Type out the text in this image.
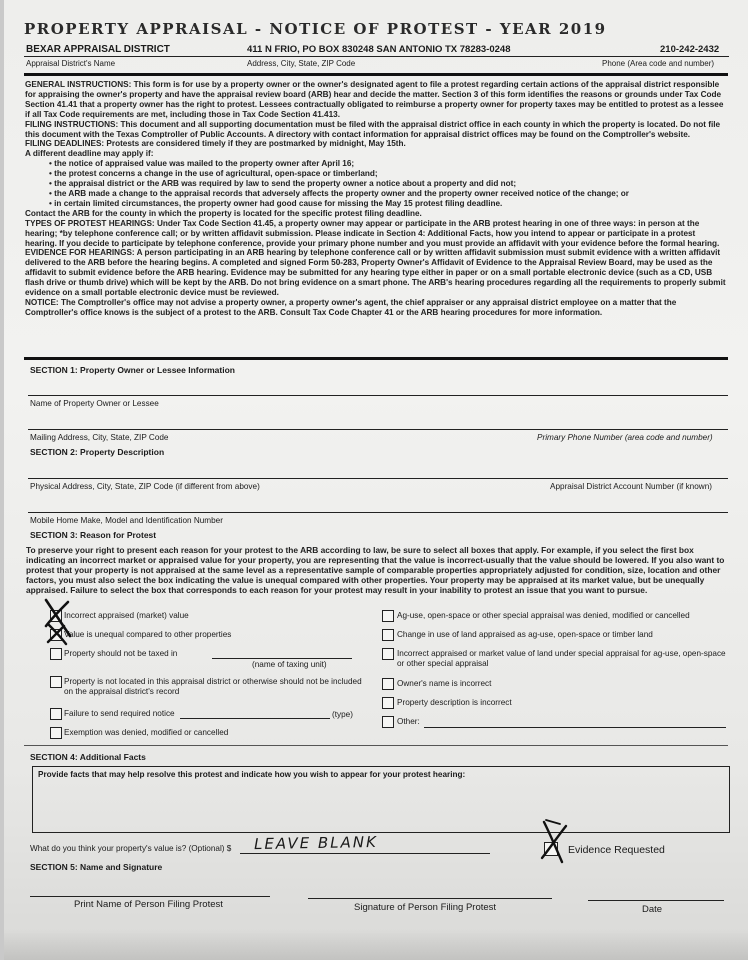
PROPERTY APPRAISAL - NOTICE OF PROTEST - YEAR 2019
BEXAR APPRAISAL DISTRICT	411 N FRIO, PO BOX 830248 SAN ANTONIO TX 78283-0248	210-242-2432
Appraisal District's Name	Address, City, State, ZIP Code	Phone (Area code and number)

GENERAL INSTRUCTIONS: This form is for use by a property owner or the owner's designated agent to file a protest regarding certain actions of the appraisal district responsible for appraising the owner's property and have the appraisal review board (ARB) hear and decide the matter. Section 3 of this form identifies the reasons or grounds under Tax Code Section 41.41 that a property owner has the right to protest. Lessees contractually obligated to reimburse a property owner for property taxes may be entitled to protest as a lessee if all Tax Code requirements are met, including those in Tax Code Section 41.413.

FILING INSTRUCTIONS: This document and all supporting documentation must be filed with the appraisal district office in each county in which the property is located. Do not file this document with the Texas Comptroller of Public Accounts. A directory with contact information for appraisal district offices may be found on the Comptroller's website.

FILING DEADLINES: Protests are considered timely if they are postmarked by midnight, May 15th.

A different deadline may apply if:

• the notice of appraised value was mailed to the property owner after April 16;
• the protest concerns a change in the use of agricultural, open-space or timberland;
• the appraisal district or the ARB was required by law to send the property owner a notice about a property and did not;
• the ARB made a change to the appraisal records that adversely affects the property owner and the property owner received notice of the change; or
• in certain limited circumstances, the property owner had good cause for missing the May 15 protest filing deadline.

Contact the ARB for the county in which the property is located for the specific protest filing deadline.

TYPES OF PROTEST HEARINGS: Under Tax Code Section 41.45, a property owner may appear or participate in the ARB protest hearing in one of three ways: in person at the hearing; *by telephone conference call; or by written affidavit submission. Please indicate in Section 4: Additional Facts, how you intend to appear or participate in a protest hearing. If you decide to participate by telephone conference, provide your primary phone number and you must provide an affidavit with your evidence before the formal hearing.

EVIDENCE FOR HEARINGS: A person participating in an ARB hearing by telephone conference call or by written affidavit submission must submit evidence with a written affidavit delivered to the ARB before the hearing begins. A completed and signed Form 50-283, Property Owner's Affidavit of Evidence to the Appraisal Review Board, may be used as the affidavit to submit evidence before the ARB hearing. Evidence may be submitted for any hearing type either in paper or on a small portable electronic device (such as a CD, USB flash drive or thumb drive) which will be kept by the ARB. Do not bring evidence on a smart phone. The ARB's hearing procedures regarding all the requirements to properly submit evidence on a small portable electronic device must be reviewed.

NOTICE: The Comptroller's office may not advise a property owner, a property owner's agent, the chief appraiser or any appraisal district employee on a matter that the Comptroller's office knows is the subject of a protest to the ARB. Consult Tax Code Chapter 41 or the ARB hearing procedures for more information.

SECTION 1: Property Owner or Lessee Information
Name of Property Owner or Lessee
Mailing Address, City, State, ZIP Code	Primary Phone Number (area code and number)
SECTION 2: Property Description
Physical Address, City, State, ZIP Code (if different from above)	Appraisal District Account Number (if known)
Mobile Home Make, Model and Identification Number
SECTION 3: Reason for Protest
To preserve your right to present each reason for your protest to the ARB according to law, be sure to select all boxes that apply. For example, if you select the first box indicating an incorrect market or appraised value for your property, you are representing that the value is incorrect-usually that the value should be lowered. If you also want to protest that your property is not appraised at the same level as a representative sample of comparable properties appropriately adjusted for condition, size, location and other factors, you must also select the box indicating the value is unequal compared with other properties. Your property may be appraised at its market value, but be unequally appraised. Failure to select the box that corresponds to each reason for your protest may result in your inability to protest an issue that you want to pursue.
Incorrect appraised (market) value
Value is unequal compared to other properties
Property should not be taxed in
(name of taxing unit)
Property is not located in this appraisal district or otherwise should not be included on the appraisal district's record
Failure to send required notice	(type)
Exemption was denied, modified or cancelled
Ag-use, open-space or other special appraisal was denied, modified or cancelled
Change in use of land appraised as ag-use, open-space or timber land
Incorrect appraised or market value of land under special appraisal for ag-use, open-space or other special appraisal
Owner's name is incorrect
Property description is incorrect
Other:
SECTION 4: Additional Facts
Provide facts that may help resolve this protest and indicate how you wish to appear for your protest hearing:
What do you think your property's value is? (Optional) $ LEAVE BLANK	Evidence Requested
SECTION 5: Name and Signature
Print Name of Person Filing Protest	Signature of Person Filing Protest	Date
